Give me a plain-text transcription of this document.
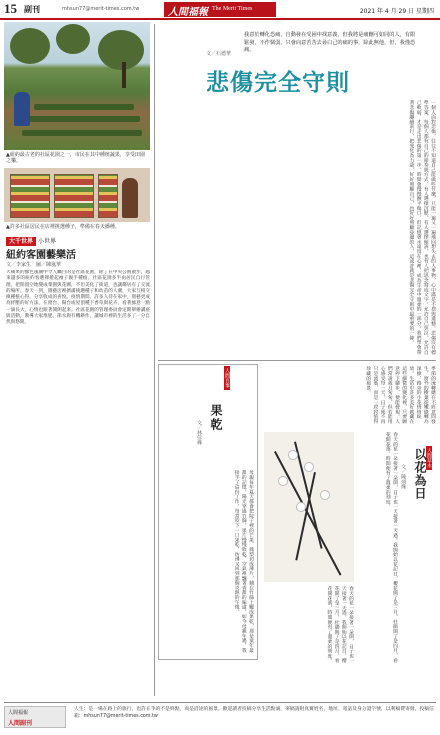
15 副刊	mhsun77@merit-times.com.tw	人間福報 The Merit Times	2021 年 4 月 29 日 星期四
▲紐約最古老的社區花園之一，市民在其中種植蔬果，享受田園之樂。
▲許多社區居民在店裡挑選種子，準備在春天播種。
大千世界 小世界
紐約客園藝樂活
文／李家生　圖／陳嵐華
大蘋果的綠色風潮中令人矚目的是社區花園，除了在中央公園散步，越來越多的紐約客選擇捲起袖子親手種植。社區花園多半由居民自行管理，把閒置空地變成菜園與花圃，不但美化了街道，也讓鄰居有了交流的場所。春天一到，園藝店裡擠滿挑選種子和幼苗的人潮，大家互相交換種植心得，分享收成的喜悅。疫情期間，許多人待在家中，園藝更成為紓壓的好方法，在窗台、陽台或屋頂種下香草與花卉，看著綠意一點一滴長大，心情也跟著開朗起來。社區花園的管理委員會定期舉辦講座與活動，教導大家堆肥、節水與有機耕作，讓城市裡的生活多了一分自然與悠閒。
我意於轉化恐痛，自動發在受困中找意義，但我將是痛刪可如同的人，有限鬆發，不作懦弱，只會向意苦苦去尋白己的痛的事，除此無他，但，我僅恐痛。
文／石德華
悲傷完全守則
一個人面對悲傷，往往不知道自己能做些什麼，只能一遍又一遍地回想失去的人事物，心中滿是不捨與遺憾。悲傷沒有標準答案，每個人都有自己的節奏與方式，有人選擇沉默，有人選擇傾訴，也有人把思念寫成文字。允許自己哭泣，允許自己軟弱，才是走出悲傷的第一步。時間會慢慢撫平傷口，但記憶會永遠留在心裡，成為生命中溫柔的一部分。我們學會帶著悲傷繼續前行，把愛化為力量，好好照顧自己，也好好照顧身邊的人，這或許就是悲傷完全守則中最重要的一條。
季節的流轉總在不經意間發生，窗外的樹葉從嫩綠轉為深綠，路旁的小花悄悄綻放。生活中許多美好就藏在這些細微的變化裡，只要願意停下腳步，便能發現。人們常說歲月匆匆，但若能用心感受每一天，日子便不再只是流逝，而是一段段值得珍藏的風景。
人間百事
果乾
文／林佳樺
母親每年夏天都會把院子裡的芒果、鳳梨切成薄片，鋪在竹篩上曬成果乾，那是童年最甜的記憶。陽光穿過竹篩，果片慢慢收乾，空氣裡飄著香甜的味道。如今母親年邁，我接手了這份工作，每當咬下一口果乾，彷彿又回到那個炎熱的午後。
人間草木
以花為日
文／陳翊燁
春天的花一朵接著一朵開，日子也一天接著一天過。我開始以花記日，櫻花開了是三月，杜鵑開了是四月，看花開花落，時間便有了溫柔的刻度。
春天的花一朵接著一朵開，日子也一天接著一天過。我開始以花記日，櫻花開了是三月，杜鵑開了是四月，看花開花落，時間便有了溫柔的刻度。
人間福報
人間副刊
人生：是一場在路上的旅行，也許在乎的不是終點，而是沿途的風景。歡迎讀者投稿分享生活點滴，來稿請附真實姓名、地址、電話及身分證字號，以利稿費寄發。投稿信箱：mhsun77@merit-times.com.tw
